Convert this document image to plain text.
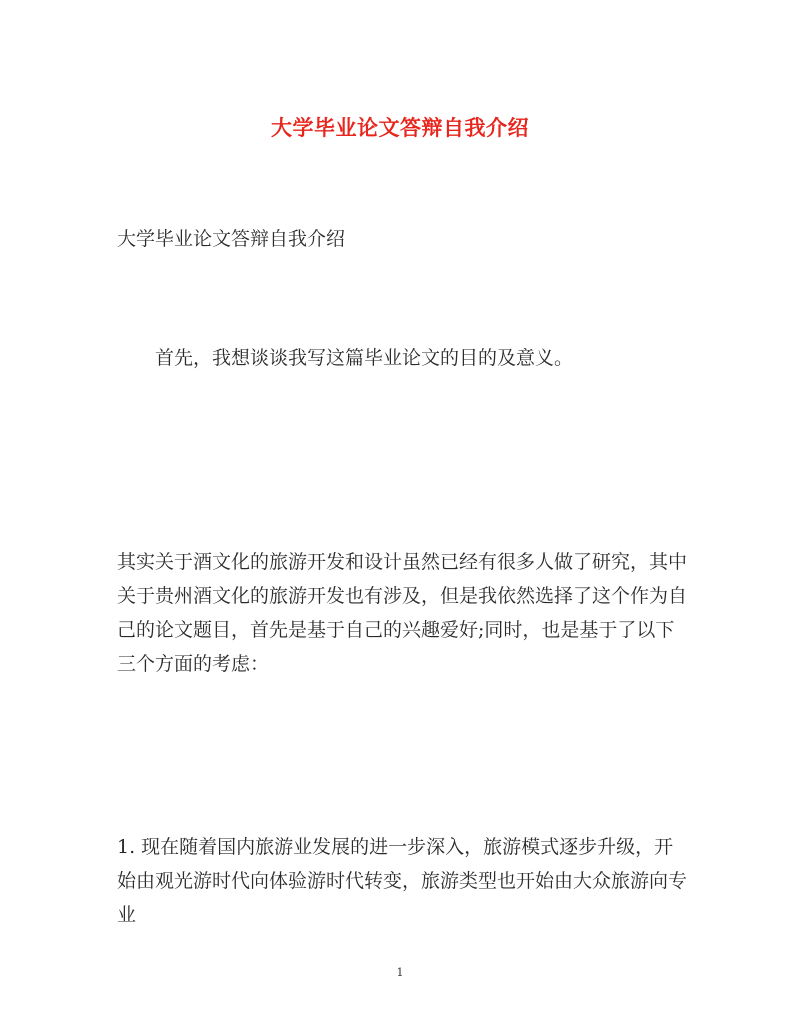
大学毕业论文答辩自我介绍

大学毕业论文答辩自我介绍

首先，我想谈谈我写这篇毕业论文的目的及意义。

其实关于酒文化的旅游开发和设计虽然已经有很多人做了研究，其中关于贵州酒文化的旅游开发也有涉及，但是我依然选择了这个作为自己的论文题目，首先是基于自己的兴趣爱好;同时，也是基于了以下三个方面的考虑：

1. 现在随着国内旅游业发展的进一步深入，旅游模式逐步升级，开始由观光游时代向体验游时代转变，旅游类型也开始由大众旅游向专业

1
